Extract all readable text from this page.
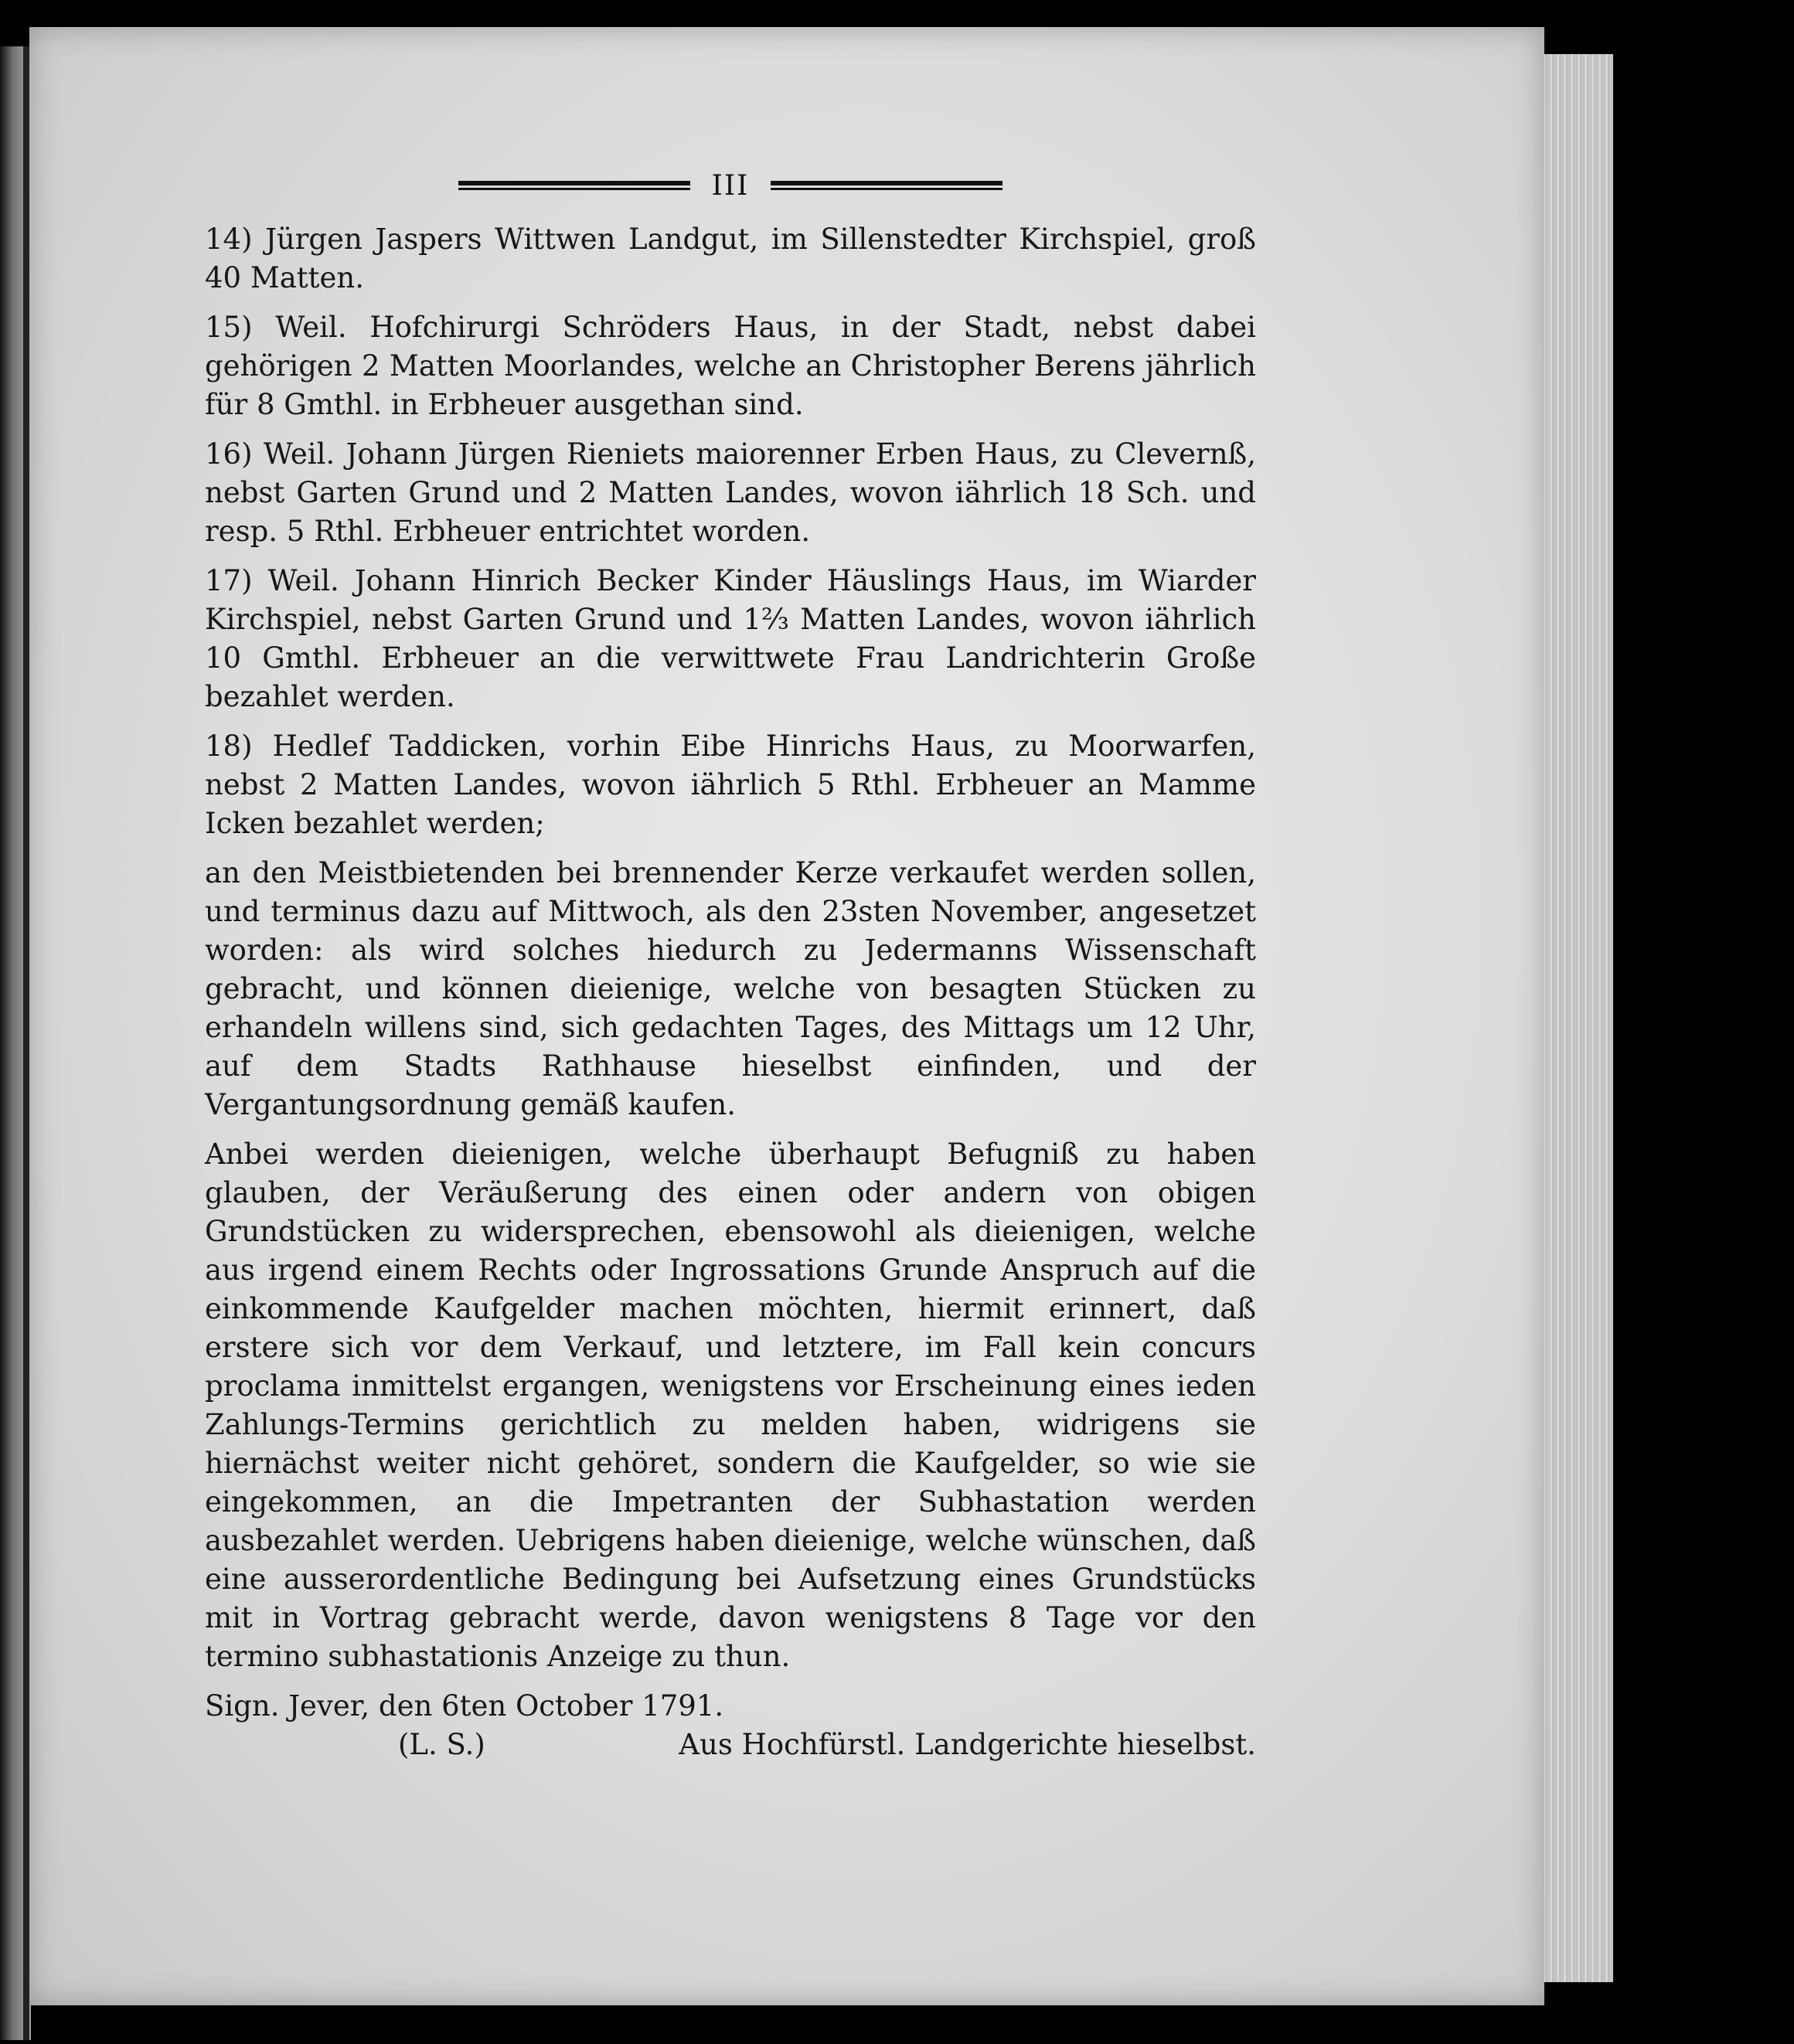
III

14) Jürgen Jaspers Wittwen Landgut, im Sillenstedter Kirchspiel, groß 40 Matten.

15) Weil. Hofchirurgi Schröders Haus, in der Stadt, nebst dabei gehörigen 2 Matten Moorlandes, welche an Christopher Berens jährlich für 8 Gmthl. in Erbheuer ausgethan sind.

16) Weil. Johann Jürgen Rieniets maiorenner Erben Haus, zu Clevernß, nebst Garten Grund und 2 Matten Landes, wovon iährlich 18 Sch. und resp. 5 Rthl. Erbheuer entrichtet worden.

17) Weil. Johann Hinrich Becker Kinder Häuslings Haus, im Wiarder Kirchspiel, nebst Garten Grund und 1⅔ Matten Landes, wovon iährlich 10 Gmthl. Erbheuer an die verwittwete Frau Landrichterin Große bezahlet werden.

18) Hedlef Taddicken, vorhin Eibe Hinrichs Haus, zu Moorwarfen, nebst 2 Matten Landes, wovon iährlich 5 Rthl. Erbheuer an Mamme Icken bezahlet werden;

an den Meistbietenden bei brennender Kerze verkaufet werden sollen, und terminus dazu auf Mittwoch, als den 23sten November, angesetzet worden: als wird solches hiedurch zu Jedermanns Wissenschaft gebracht, und können dieienige, welche von besagten Stücken zu erhandeln willens sind, sich gedachten Tages, des Mittags um 12 Uhr, auf dem Stadts Rathhause hieselbst einfinden, und der Vergantungsordnung gemäß kaufen.

Anbei werden dieienigen, welche überhaupt Befugniß zu haben glauben, der Veräußerung des einen oder andern von obigen Grundstücken zu widersprechen, ebensowohl als dieienigen, welche aus irgend einem Rechts oder Ingrossations Grunde Anspruch auf die einkommende Kaufgelder machen möchten, hiermit erinnert, daß erstere sich vor dem Verkauf, und letztere, im Fall kein concurs proclama inmittelst ergangen, wenigstens vor Erscheinung eines ieden Zahlungs-Termins gerichtlich zu melden haben, widrigens sie hiernächst weiter nicht gehöret, sondern die Kaufgelder, so wie sie eingekommen, an die Impetranten der Subhastation werden ausbezahlet werden. Uebrigens haben dieienige, welche wünschen, daß eine ausserordentliche Bedingung bei Aufsetzung eines Grundstücks mit in Vortrag gebracht werde, davon wenigstens 8 Tage vor den termino subhastationis Anzeige zu thun.

Sign. Jever, den 6ten October 1791.
(L. S.)	Aus Hochfürstl. Landgerichte hieselbst.
